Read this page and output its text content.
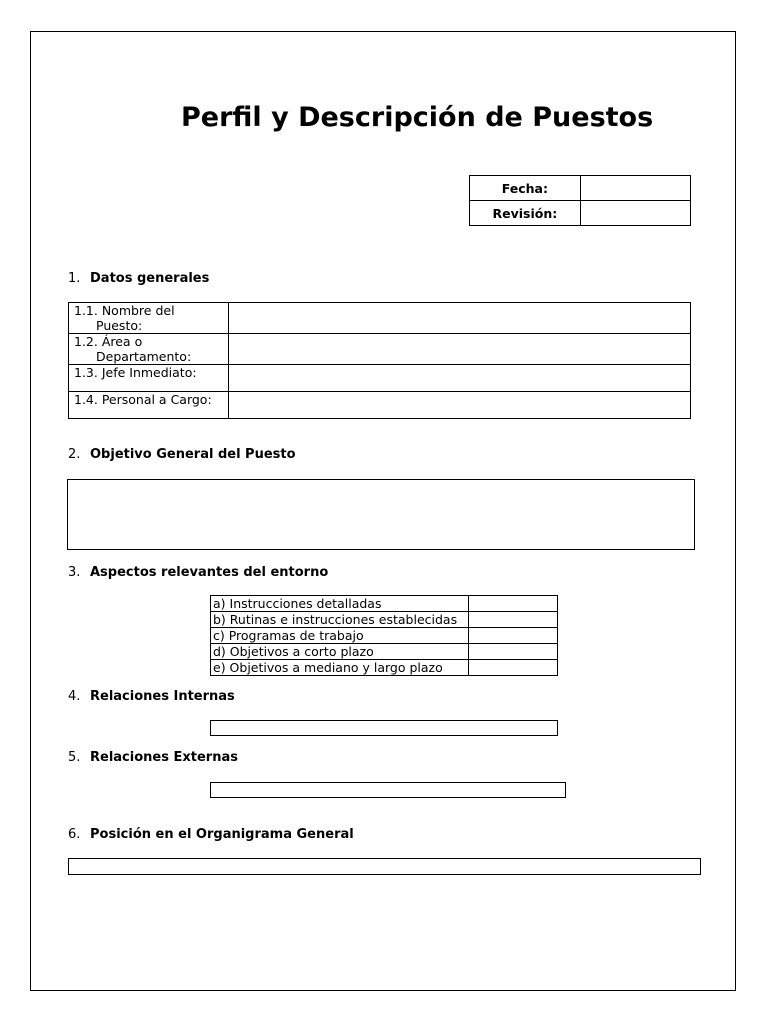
Perfil y Descripción de Puestos
Fecha:	
Revisión:	
1. Datos generales
1.1. Nombre del
Puesto:	

1.2. Área o
Departamento:	

1.3. Jefe Inmediato:	

1.4. Personal a Cargo:	

2. Objetivo General del Puesto
3. Aspectos relevantes del entorno
a) Instrucciones detalladas	
b) Rutinas e instrucciones establecidas	
c) Programas de trabajo	
d) Objetivos a corto plazo	
e) Objetivos a mediano y largo plazo	
4. Relaciones Internas
5. Relaciones Externas
6. Posición en el Organigrama General
